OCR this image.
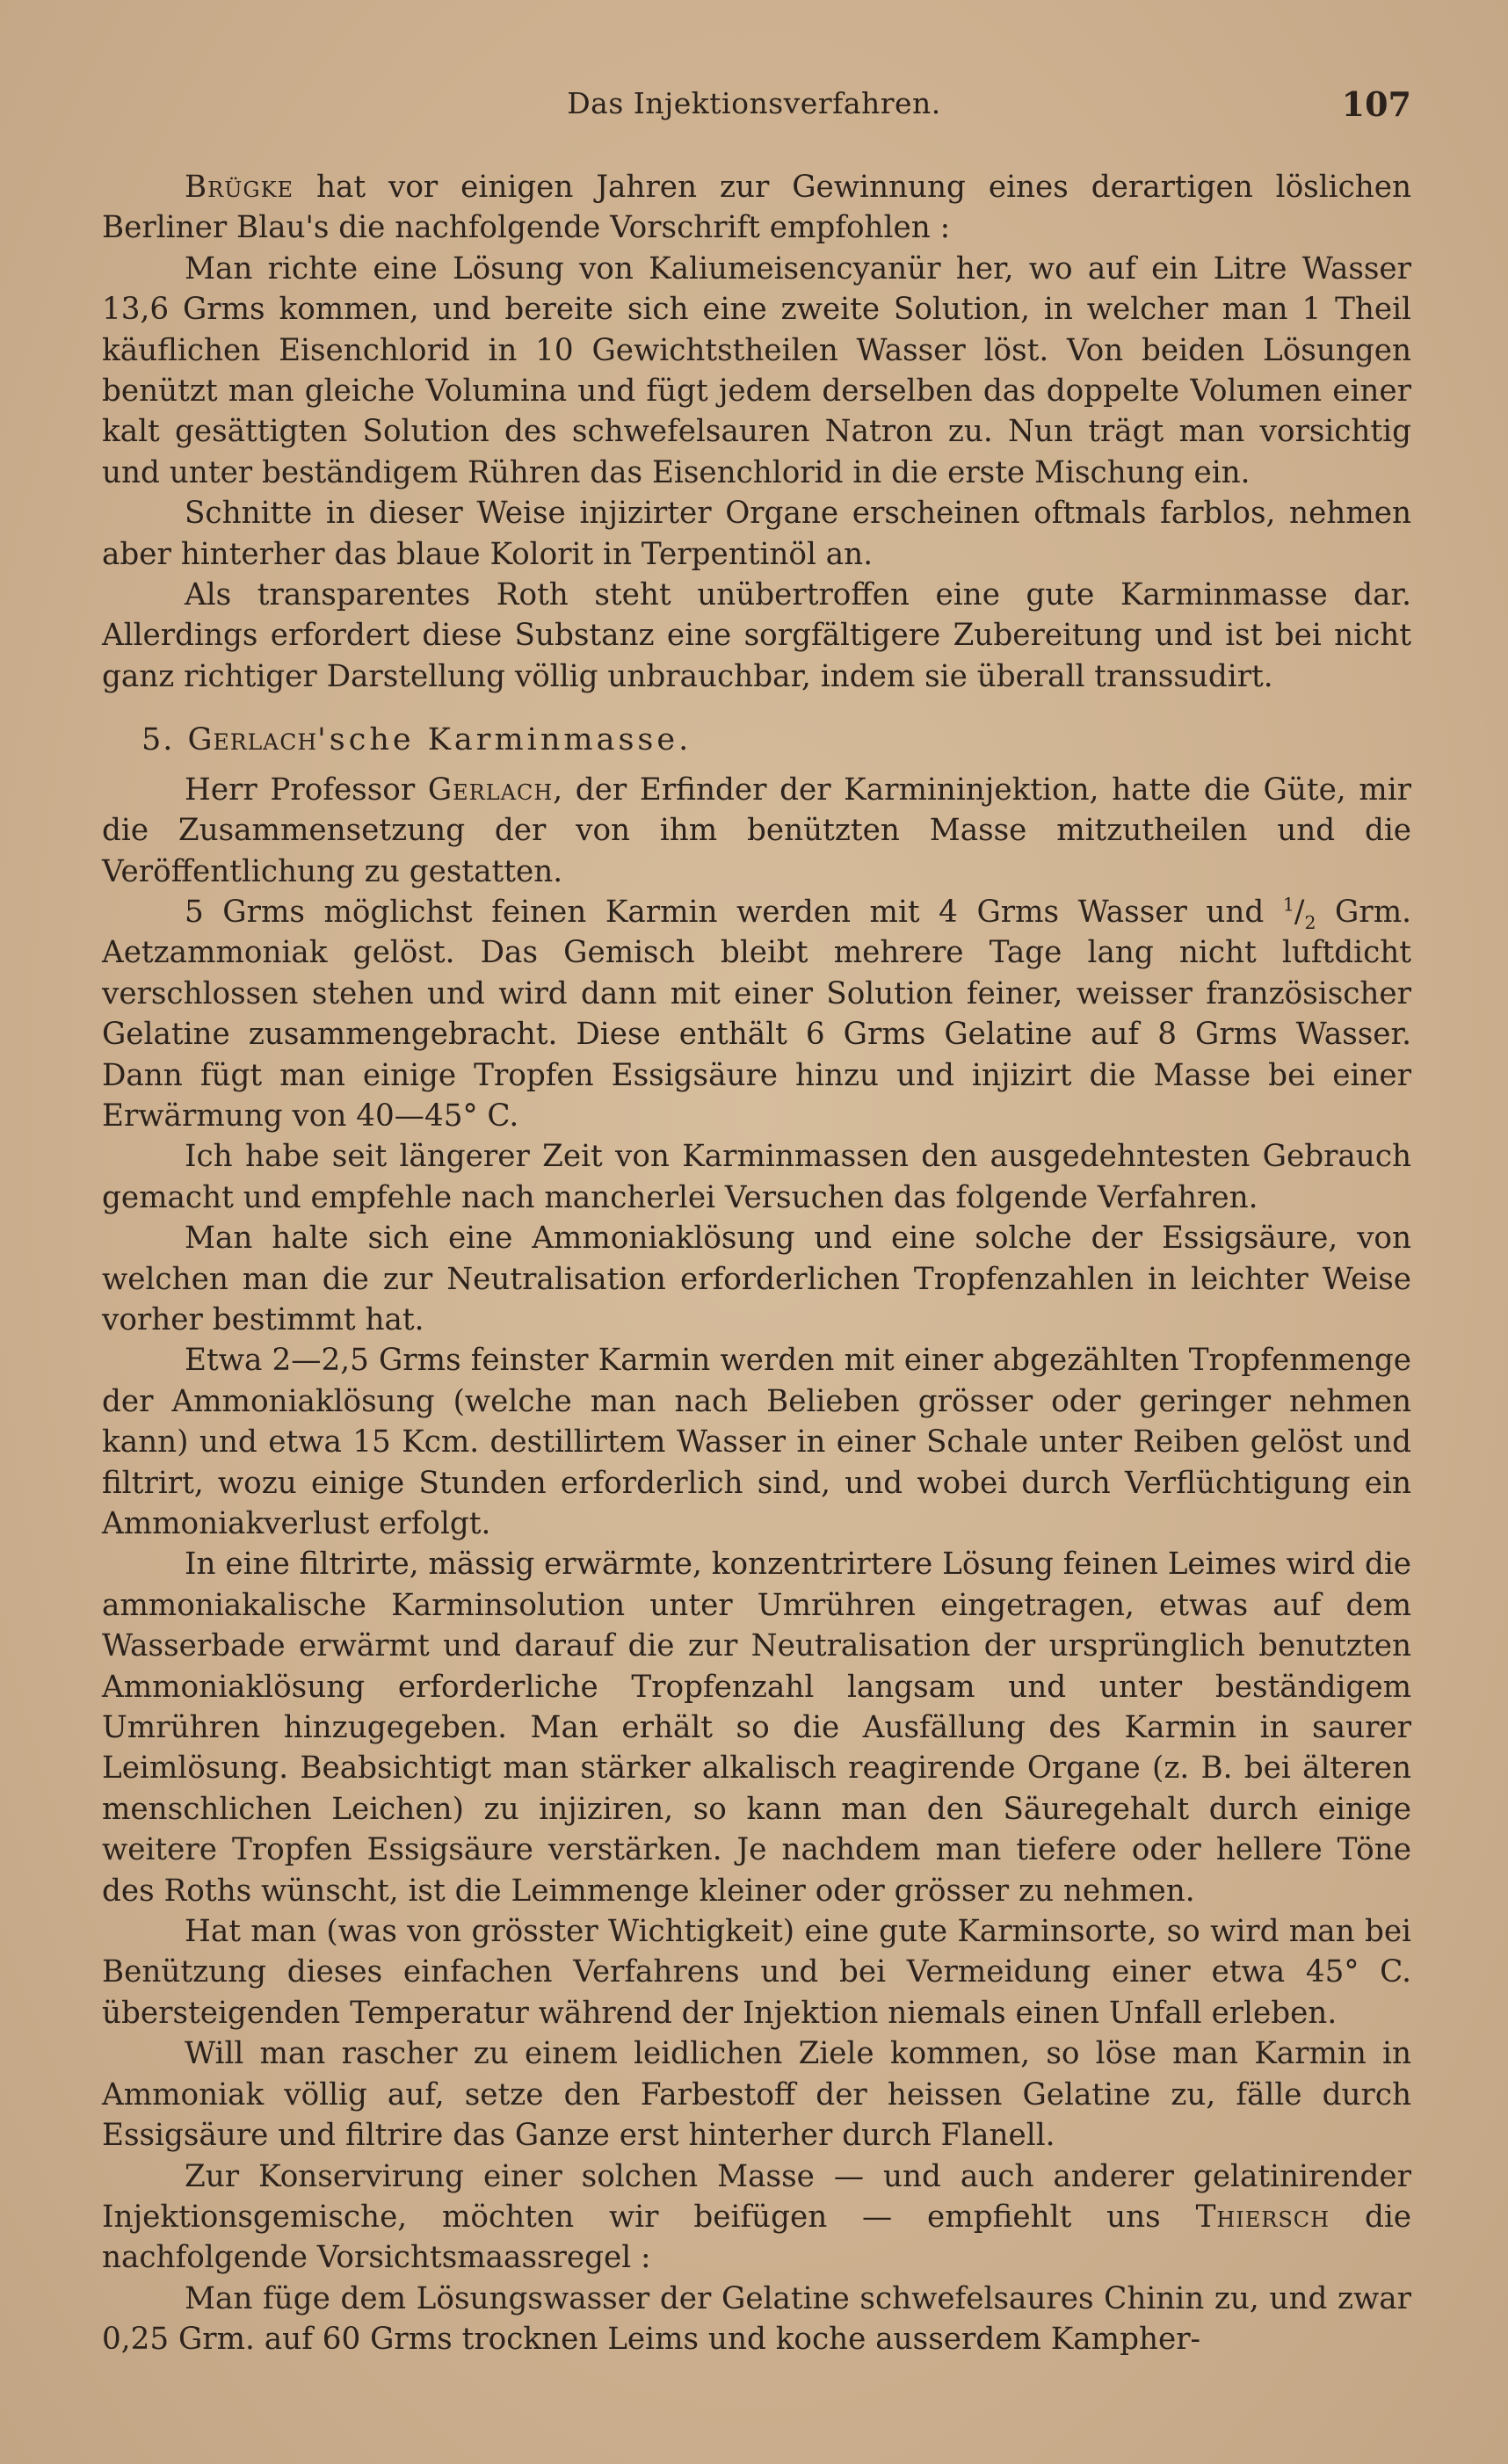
Das Injektionsverfahren.	107

Brügke hat vor einigen Jahren zur Gewinnung eines derartigen löslichen Berliner Blau's die nachfolgende Vorschrift empfohlen :

Man richte eine Lösung von Kaliumeisencyanür her, wo auf ein Litre Wasser 13,6 Grms kommen, und bereite sich eine zweite Solution, in welcher man 1 Theil käuflichen Eisenchlorid in 10 Gewichtstheilen Wasser löst. Von beiden Lösungen benützt man gleiche Volumina und fügt jedem derselben das doppelte Volumen einer kalt gesättigten Solution des schwefelsauren Natron zu. Nun trägt man vorsichtig und unter beständigem Rühren das Eisenchlorid in die erste Mischung ein.

Schnitte in dieser Weise injizirter Organe erscheinen oftmals farblos, nehmen aber hinterher das blaue Kolorit in Terpentinöl an.

Als transparentes Roth steht unübertroffen eine gute Karminmasse dar. Allerdings erfordert diese Substanz eine sorgfältigere Zubereitung und ist bei nicht ganz richtiger Darstellung völlig unbrauchbar, indem sie überall transsudirt.

5. Gerlach'sche Karminmasse.

Herr Professor Gerlach, der Erfinder der Karmininjektion, hatte die Güte, mir die Zusammensetzung der von ihm benützten Masse mitzutheilen und die Veröffentlichung zu gestatten.

5 Grms möglichst feinen Karmin werden mit 4 Grms Wasser und $^1/_2$ Grm. Aetzammoniak gelöst. Das Gemisch bleibt mehrere Tage lang nicht luftdicht verschlossen stehen und wird dann mit einer Solution feiner, weisser französischer Gelatine zusammengebracht. Diese enthält 6 Grms Gelatine auf 8 Grms Wasser. Dann fügt man einige Tropfen Essigsäure hinzu und injizirt die Masse bei einer Erwärmung von 40—45° C.

Ich habe seit längerer Zeit von Karminmassen den ausgedehntesten Gebrauch gemacht und empfehle nach mancherlei Versuchen das folgende Verfahren.

Man halte sich eine Ammoniaklösung und eine solche der Essigsäure, von welchen man die zur Neutralisation erforderlichen Tropfenzahlen in leichter Weise vorher bestimmt hat.

Etwa 2—2,5 Grms feinster Karmin werden mit einer abgezählten Tropfenmenge der Ammoniaklösung (welche man nach Belieben grösser oder geringer nehmen kann) und etwa 15 Kcm. destillirtem Wasser in einer Schale unter Reiben gelöst und filtrirt, wozu einige Stunden erforderlich sind, und wobei durch Verflüchtigung ein Ammoniakverlust erfolgt.

In eine filtrirte, mässig erwärmte, konzentrirtere Lösung feinen Leimes wird die ammoniakalische Karminsolution unter Umrühren eingetragen, etwas auf dem Wasserbade erwärmt und darauf die zur Neutralisation der ursprünglich benutzten Ammoniaklösung erforderliche Tropfenzahl langsam und unter beständigem Umrühren hinzugegeben. Man erhält so die Ausfällung des Karmin in saurer Leimlösung. Beabsichtigt man stärker alkalisch reagirende Organe (z. B. bei älteren menschlichen Leichen) zu injiziren, so kann man den Säuregehalt durch einige weitere Tropfen Essigsäure verstärken. Je nachdem man tiefere oder hellere Töne des Roths wünscht, ist die Leimmenge kleiner oder grösser zu nehmen.

Hat man (was von grösster Wichtigkeit) eine gute Karminsorte, so wird man bei Benützung dieses einfachen Verfahrens und bei Vermeidung einer etwa 45° C. übersteigenden Temperatur während der Injektion niemals einen Unfall erleben.

Will man rascher zu einem leidlichen Ziele kommen, so löse man Karmin in Ammoniak völlig auf, setze den Farbestoff der heissen Gelatine zu, fälle durch Essigsäure und filtrire das Ganze erst hinterher durch Flanell.

Zur Konservirung einer solchen Masse — und auch anderer gelatinirender Injektionsgemische, möchten wir beifügen — empfiehlt uns Thiersch die nachfolgende Vorsichtsmaassregel :

Man füge dem Lösungswasser der Gelatine schwefelsaures Chinin zu, und zwar 0,25 Grm. auf 60 Grms trocknen Leims und koche ausserdem Kampher-
